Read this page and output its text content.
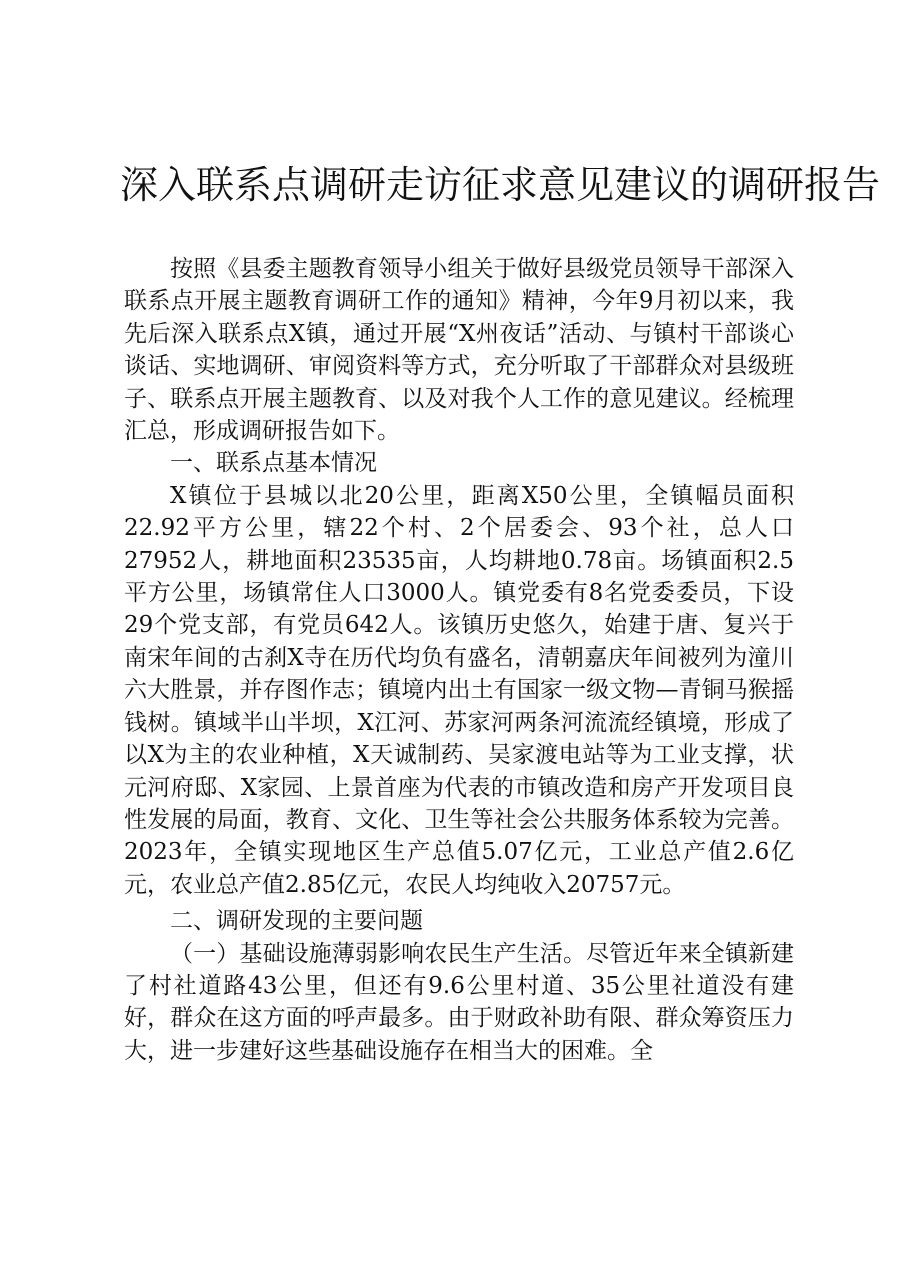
深入联系点调研走访征求意见建议的调研报告

按照《县委主题教育领导小组关于做好县级党员领导干部深入联系点开展主题教育调研工作的通知》精神，今年9月初以来，我先后深入联系点X镇，通过开展“X州夜话”活动、与镇村干部谈心谈话、实地调研、审阅资料等方式，充分听取了干部群众对县级班子、联系点开展主题教育、以及对我个人工作的意见建议。经梳理汇总，形成调研报告如下。

一、联系点基本情况

X镇位于县城以北20公里，距离X50公里，全镇幅员面积22.92平方公里，辖22个村、2个居委会、93个社，总人口27952人，耕地面积23535亩，人均耕地0.78亩。场镇面积2.5平方公里，场镇常住人口3000人。镇党委有8名党委委员，下设29个党支部，有党员642人。该镇历史悠久，始建于唐、复兴于南宋年间的古刹X寺在历代均负有盛名，清朝嘉庆年间被列为潼川六大胜景，并存图作志；镇境内出土有国家一级文物—青铜马猴摇钱树。镇域半山半坝，X江河、苏家河两条河流流经镇境，形成了以X为主的农业种植，X天诚制药、吴家渡电站等为工业支撑，状元河府邸、X家园、上景首座为代表的市镇改造和房产开发项目良性发展的局面，教育、文化、卫生等社会公共服务体系较为完善。2023年，全镇实现地区生产总值5.07亿元，工业总产值2.6亿元，农业总产值2.85亿元，农民人均纯收入20757元。

二、调研发现的主要问题

（一）基础设施薄弱影响农民生产生活。尽管近年来全镇新建了村社道路43公里，但还有9.6公里村道、35公里社道没有建好，群众在这方面的呼声最多。由于财政补助有限、群众筹资压力大，进一步建好这些基础设施存在相当大的困难。全
